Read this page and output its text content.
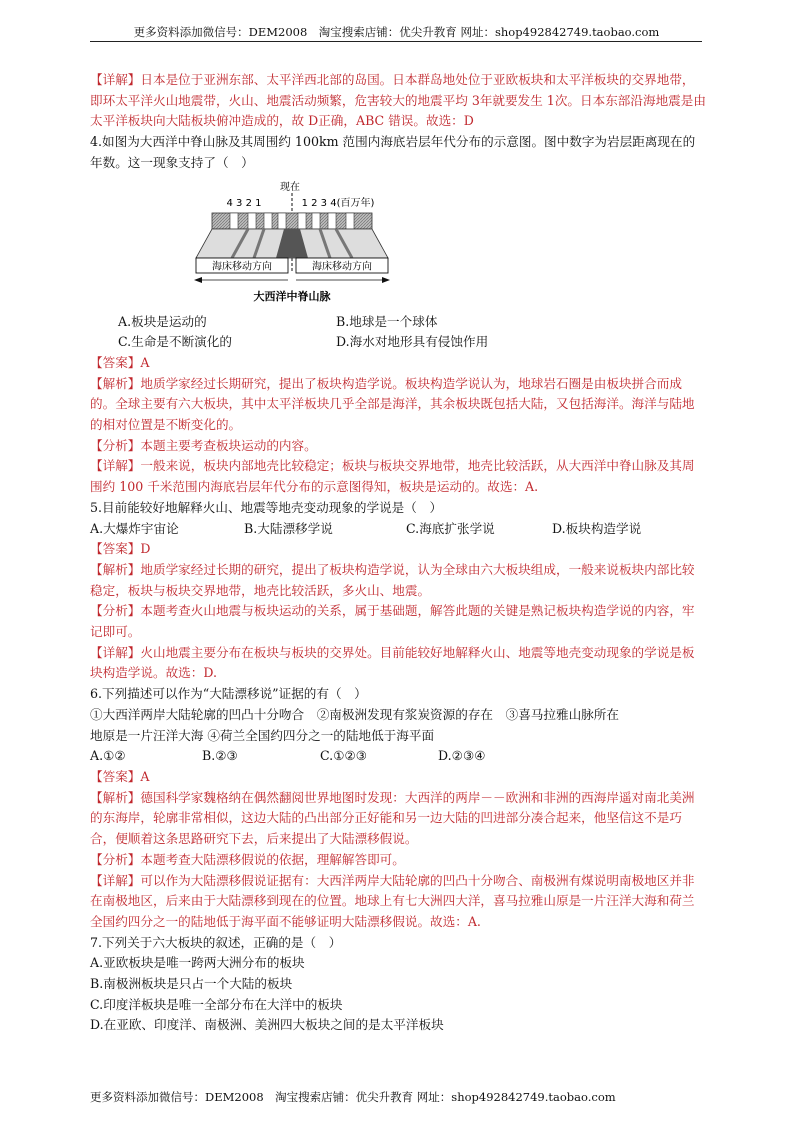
更多资料添加微信号：DEM2008　淘宝搜索店铺：优尖升教育 网址：shop492842749.taobao.com

【详解】日本是位于亚洲东部、太平洋西北部的岛国。日本群岛地处位于亚欧板块和太平洋板块的交界地带，即环太平洋火山地震带，火山、地震活动频繁，危害较大的地震平均 3年就要发生 1次。日本东部沿海地震是由太平洋板块向大陆板块俯冲造成的，故 D正确，ABC 错误。故选：D

4.如图为大西洋中脊山脉及其周围约 100km 范围内海底岩层年代分布的示意图。图中数字为岩层距离现在的年数。这一现象支持了（　）

现在
4 3 2 1	1 2 3 4(百万年)
海床移动方向	海床移动方向
大西洋中脊山脉
A.板块是运动的	B.地球是一个球体
C.生命是不断演化的	D.海水对地形具有侵蚀作用

【答案】A

【解析】地质学家经过长期研究，提出了板块构造学说。板块构造学说认为，地球岩石圈是由板块拼合而成的。全球主要有六大板块，其中太平洋板块几乎全部是海洋，其余板块既包括大陆，又包括海洋。海洋与陆地的相对位置是不断变化的。

【分析】本题主要考查板块运动的内容。

【详解】一般来说，板块内部地壳比较稳定；板块与板块交界地带，地壳比较活跃，从大西洋中脊山脉及其周围约 100 千米范围内海底岩层年代分布的示意图得知，板块是运动的。故选：A.

5.目前能较好地解释火山、地震等地壳变动现象的学说是（　）

A.大爆炸宇宙论	B.大陆漂移学说	C.海底扩张学说	D.板块构造学说

【答案】D

【解析】地质学家经过长期的研究，提出了板块构造学说，认为全球由六大板块组成，一般来说板块内部比较稳定，板块与板块交界地带，地壳比较活跃，多火山、地震。

【分析】本题考查火山地震与板块运动的关系，属于基础题，解答此题的关键是熟记板块构造学说的内容，牢记即可。

【详解】火山地震主要分布在板块与板块的交界处。目前能较好地解释火山、地震等地壳变动现象的学说是板块构造学说。故选：D.

6.下列描述可以作为“大陆漂移说”证据的有（　）

①大西洋两岸大陆轮廓的凹凸十分吻合　②南极洲发现有浆炭资源的存在　③喜马拉雅山脉所在

地原是一片汪洋大海 ④荷兰全国约四分之一的陆地低于海平面

A.①②	B.②③	C.①②③	D.②③④

【答案】A

【解析】德国科学家魏格纳在偶然翻阅世界地图时发现：大西洋的两岸－－欧洲和非洲的西海岸遥对南北美洲的东海岸，轮廓非常相似，这边大陆的凸出部分正好能和另一边大陆的凹进部分凑合起来，他坚信这不是巧合，便顺着这条思路研究下去，后来提出了大陆漂移假说。

【分析】本题考查大陆漂移假说的依据，理解解答即可。

【详解】可以作为大陆漂移假说证据有：大西洋两岸大陆轮廓的凹凸十分吻合、南极洲有煤说明南极地区并非在南极地区，后来由于大陆漂移到现在的位置。地球上有七大洲四大洋，喜马拉雅山原是一片汪洋大海和荷兰全国约四分之一的陆地低于海平面不能够证明大陆漂移假说。故选：A.

7.下列关于六大板块的叙述，正确的是（　）

A.亚欧板块是唯一跨两大洲分布的板块

B.南极洲板块是只占一个大陆的板块

C.印度洋板块是唯一全部分布在大洋中的板块

D.在亚欧、印度洋、南极洲、美洲四大板块之间的是太平洋板块

更多资料添加微信号：DEM2008　淘宝搜索店铺：优尖升教育 网址：shop492842749.taobao.com
